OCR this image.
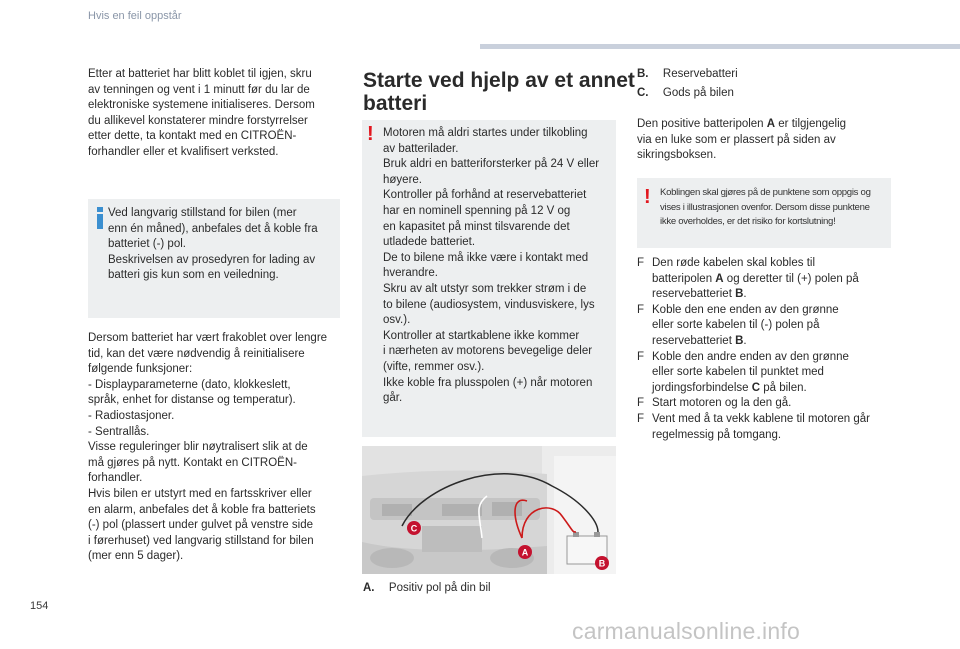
Hvis en feil oppstår
Etter at batteriet har blitt koblet til igjen, skru
av tenningen og vent i 1 minutt før du lar de
elektroniske systemene initialiseres. Dersom
du allikevel konstaterer mindre forstyrrelser
etter dette, ta kontakt med en CITROËN-
forhandler eller et kvalifisert verksted.
Ved langvarig stillstand for bilen (mer
enn én måned), anbefales det å koble fra
batteriet (-) pol.
Beskrivelsen av prosedyren for lading av
batteri gis kun som en veiledning.
Dersom batteriet har vært frakoblet over lengre
tid, kan det være nødvendig å reinitialisere
følgende funksjoner:
- Displayparameterne (dato, klokkeslett,
språk, enhet for distanse og temperatur).
- Radiostasjoner.
- Sentrallås.
Visse reguleringer blir nøytralisert slik at de
må gjøres på nytt. Kontakt en CITROËN-
forhandler.
Hvis bilen er utstyrt med en fartsskriver eller
en alarm, anbefales det å koble fra batteriets
(-) pol (plassert under gulvet på venstre side
i førerhuset) ved langvarig stillstand for bilen
(mer enn 5 dager).
Starte ved hjelp av et annet
batteri
! Motoren må aldri startes under tilkobling
av batterilader.
Bruk aldri en batteriforsterker på 24 V eller
høyere.
Kontroller på forhånd at reservebatteriet
har en nominell spenning på 12 V og
en kapasitet på minst tilsvarende det
utladede batteriet.
De to bilene må ikke være i kontakt med
hverandre.
Skru av alt utstyr som trekker strøm i de
to bilene (audiosystem, vindusviskere, lys
osv.).
Kontroller at startkablene ikke kommer
i nærheten av motorens bevegelige deler
(vifte, remmer osv.).
Ikke koble fra plusspolen (+) når motoren
går.
C
A
B
A. Positiv pol på din bil
B. Reservebatteri
C. Gods på bilen
Den positive batteripolen A er tilgjengelig
via en luke som er plassert på siden av
sikringsboksen.
! Koblingen skal gjøres på de punktene som oppgis og
vises i illustrasjonen ovenfor. Dersom disse punktene
ikke overholdes, er det risiko for kortslutning!
F Den røde kabelen skal kobles til
batteripolen A og deretter til (+) polen på
reservebatteriet B.
F Koble den ene enden av den grønne
eller sorte kabelen til (-) polen på
reservebatteriet B.
F Koble den andre enden av den grønne
eller sorte kabelen til punktet med
jordingsforbindelse C på bilen.
F Start motoren og la den gå.
F Vent med å ta vekk kablene til motoren går
regelmessig på tomgang.
154
carmanualsonline.info
